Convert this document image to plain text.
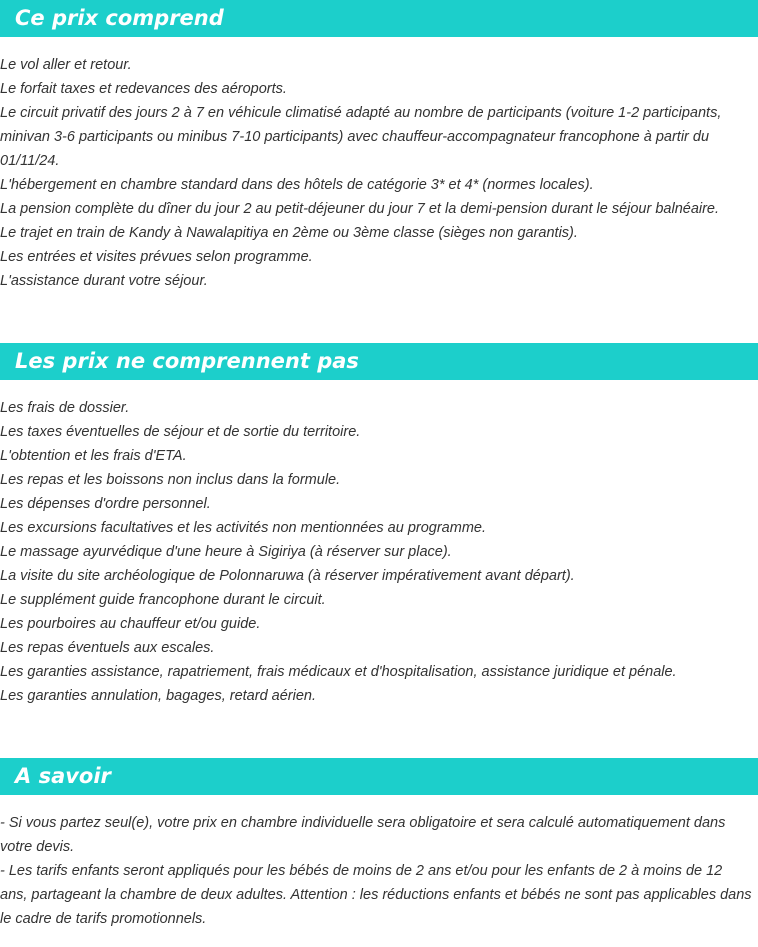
Ce prix comprend
Le vol aller et retour.
Le forfait taxes et redevances des aéroports.
Le circuit privatif des jours 2 à 7 en véhicule climatisé adapté au nombre de participants (voiture 1-2 participants, minivan 3-6 participants ou minibus 7-10 participants) avec chauffeur-accompagnateur francophone à partir du 01/11/24.
L'hébergement en chambre standard dans des hôtels de catégorie 3* et 4* (normes locales).
La pension complète du dîner du jour 2 au petit-déjeuner du jour 7 et la demi-pension durant le séjour balnéaire.
Le trajet en train de Kandy à Nawalapitiya en 2ème ou 3ème classe (sièges non garantis).
Les entrées et visites prévues selon programme.
L'assistance durant votre séjour.
Les prix ne comprennent pas
Les frais de dossier.
Les taxes éventuelles de séjour et de sortie du territoire.
L'obtention et les frais d'ETA.
Les repas et les boissons non inclus dans la formule.
Les dépenses d'ordre personnel.
Les excursions facultatives et les activités non mentionnées au programme.
Le massage ayurvédique d'une heure à Sigiriya (à réserver sur place).
La visite du site archéologique de Polonnaruwa (à réserver impérativement avant départ).
Le supplément guide francophone durant le circuit.
Les pourboires au chauffeur et/ou guide.
Les repas éventuels aux escales.
Les garanties assistance, rapatriement, frais médicaux et d'hospitalisation, assistance juridique et pénale.
Les garanties annulation, bagages, retard aérien.
A savoir
- Si vous partez seul(e), votre prix en chambre individuelle sera obligatoire et sera calculé automatiquement dans votre devis.
- Les tarifs enfants seront appliqués pour les bébés de moins de 2 ans et/ou pour les enfants de 2 à moins de 12 ans, partageant la chambre de deux adultes. Attention : les réductions enfants et bébés ne sont pas applicables dans le cadre de tarifs promotionnels.
